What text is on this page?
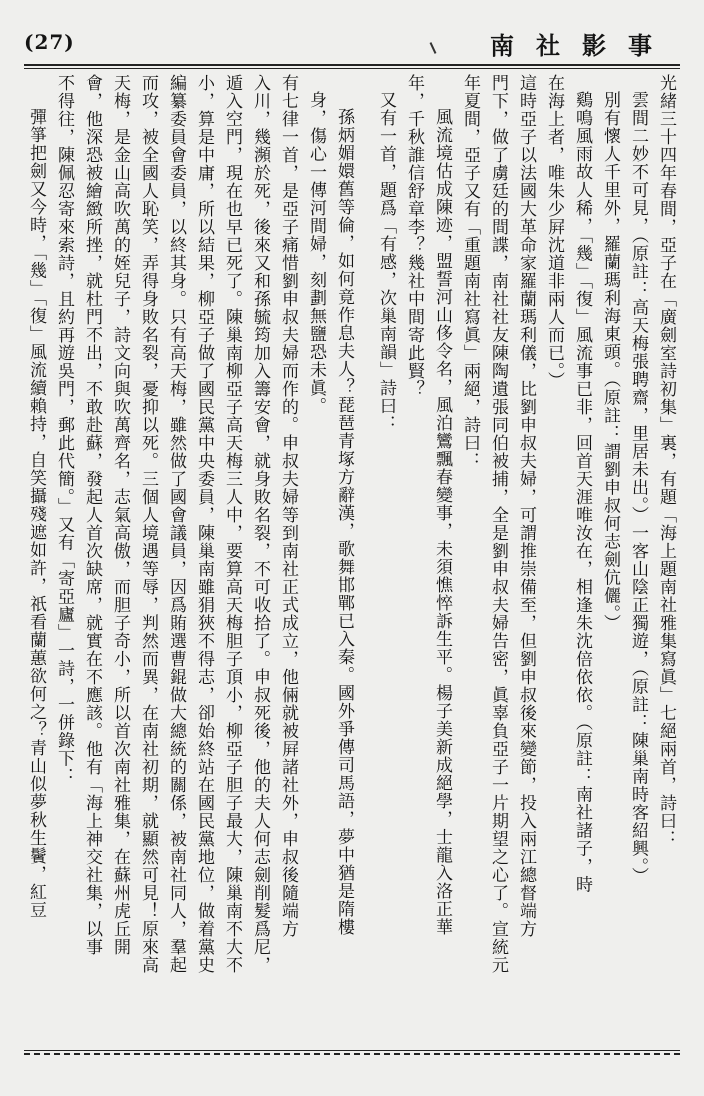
(27)	南社影事
光緒三十四年春間，亞子在「廣劍室詩初集」裏，有題「海上題南社雅集寫眞」七絕兩首，詩曰：
雲間二妙不可見，（原註：高天梅張聘齋，里居未出。）一客山陰正獨遊，（原註：陳巢南時客紹興。）
別有懷人千里外，羅蘭瑪利海東頭。（原註：謂劉申叔何志劍伉儷。）
鷄鳴風雨故人稀，「幾」「復」風流事已非，回首天涯唯汝在，相逢朱沈倍依依。（原註：南社諸子，時
在海上者，唯朱少屛沈道非兩人而已。）
這時亞子以法國大革命家羅蘭瑪利儀，比劉申叔夫婦，可謂推崇備至，但劉申叔後來變節，投入兩江總督端方
門下，做了虜廷的間諜，南社社友陳陶遺張同伯被捕，全是劉申叔夫婦告密，眞辜負亞子一片期望之心了。宣統元
年夏間，亞子又有「重題南社寫眞」兩絕，詩曰：
風流境估成陳迹，盟誓河山侈令名，風泊鸞飄春變事，未須憔悴訴生平。楊子美新成絕學，士龍入洛正華
年，千秋誰信舒章李？幾社中間寄此賢？
又有一首，題爲「有感，次巢南韻」詩曰：
孫炳媚嬛舊等倫，如何竟作息夫人？琵琶青塚方辭漢，歌舞邯鄲已入秦。國外爭傳司馬語，夢中猶是隋樓
身，傷心一傳河間婦，刻劃無鹽恐未眞。
有七律一首，是亞子痛惜劉申叔夫婦而作的。申叔夫婦等到南社正式成立，他倆就被屛諸社外，申叔後隨端方
入川，幾瀕於死，後來又和孫毓筠加入籌安會，就身敗名裂，不可收拾了。申叔死後，他的夫人何志劍削髮爲尼，
遁入空門，現在也早已死了。陳巢南柳亞子高天梅三人中，要算高天梅胆子頂小，柳亞子胆子最大，陳巢南不大不
小，算是中庸，所以結果，柳亞子做了國民黨中央委員，陳巢南雖狷狹不得志，卻始終站在國民黨地位，做着黨史
編纂委員會委員，以終其身。只有高天梅，雖然做了國會議員，因爲賄選曹錕做大總統的關係，被南社同人，羣起
而攻，被全國人恥笑，弄得身敗名裂，憂抑以死。三個人境遇等辱，判然而異，在南社初期，就顯然可見！原來高
天梅，是金山高吹萬的姪兒子，詩文向與吹萬齊名，志氣高傲，而胆子奇小，所以首次南社雅集，在蘇州虎丘開
會，他深恐被繪緻所挫，就杜門不出，不敢赴蘇，發起人首次缺席，就實在不應該。他有「海上神交社集，以事
不得往，陳佩忍寄來索詩，且約再遊吳門，郵此代簡。」又有「寄亞廬」一詩，一併錄下：
彈箏把劍又今時，「幾」「復」風流續賴持，自笑攝殘遮如許，祇看蘭蕙欲何之？青山似夢秋生鬢，紅豆
